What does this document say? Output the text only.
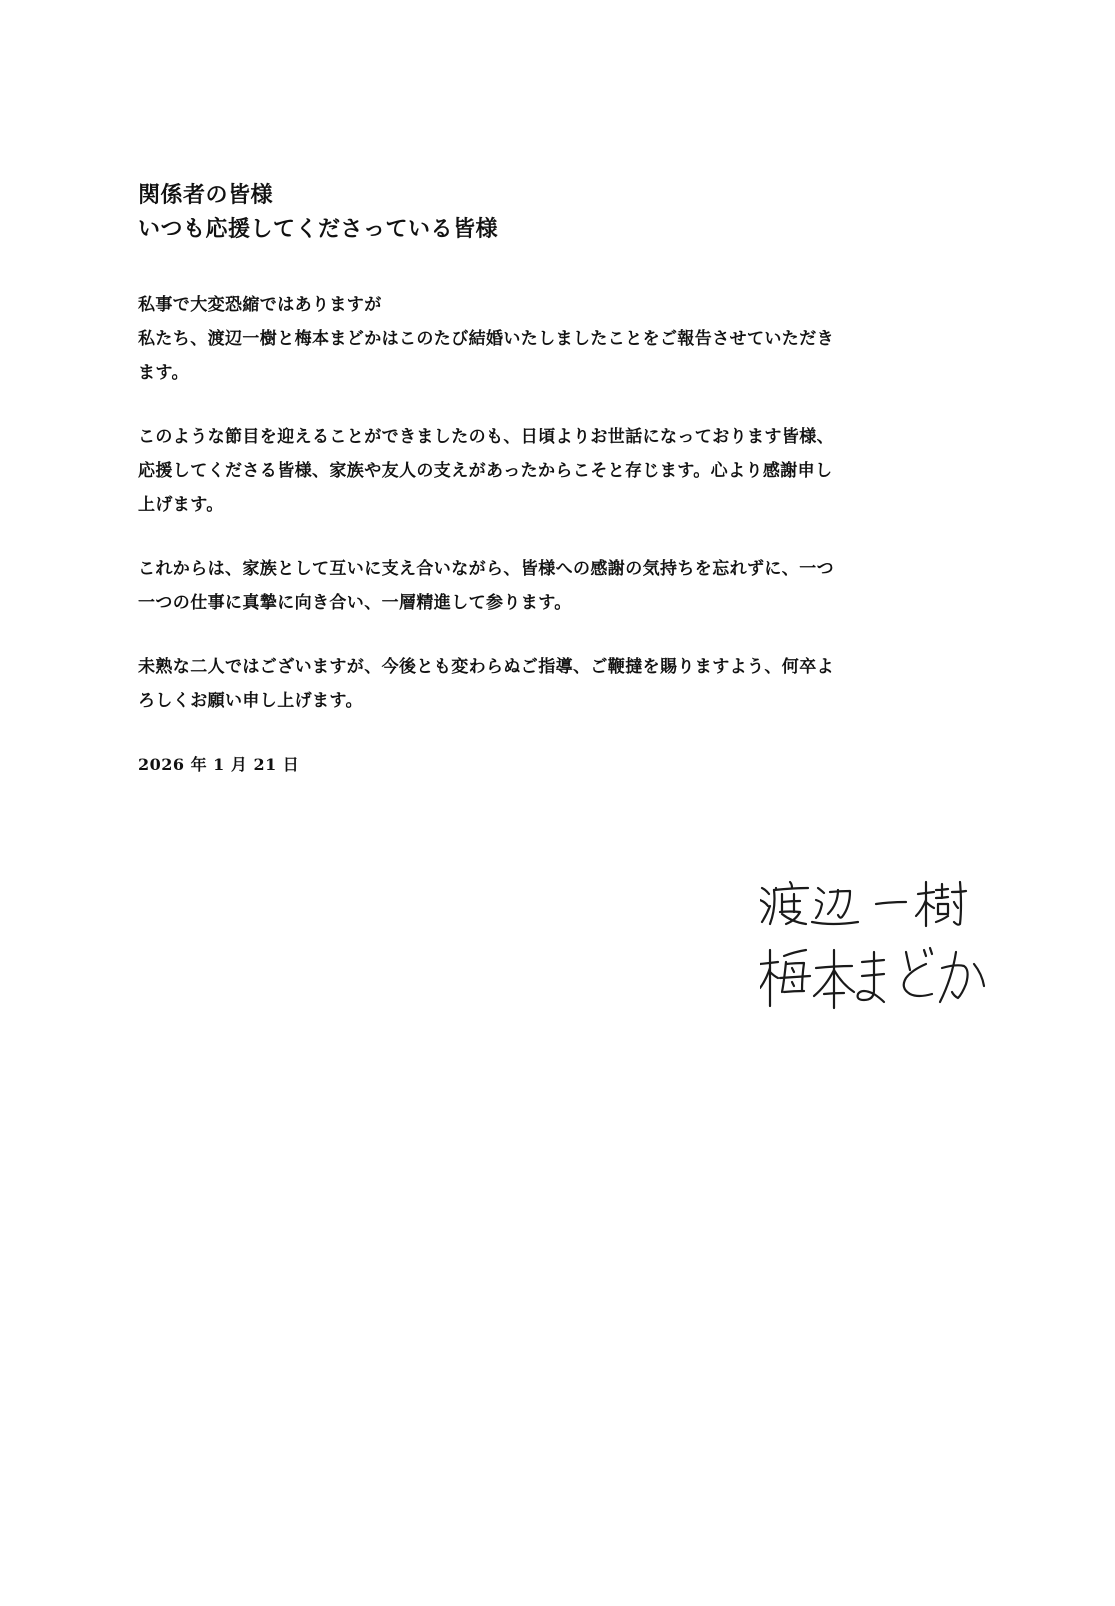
関係者の皆様
いつも応援してくださっている皆様

私事で大変恐縮ではありますが
私たち、渡辺一樹と梅本まどかはこのたび結婚いたしましたことをご報告させていただき
ます。

このような節目を迎えることができましたのも、日頃よりお世話になっております皆様、
応援してくださる皆様、家族や友人の支えがあったからこそと存じます。心より感謝申し
上げます。

これからは、家族として互いに支え合いながら、皆様への感謝の気持ちを忘れずに、一つ
一つの仕事に真摯に向き合い、一層精進して参ります。

未熟な二人ではございますが、今後とも変わらぬご指導、ご鞭撻を賜りますよう、何卒よ
ろしくお願い申し上げます。

2026 年 1 月 21 日
